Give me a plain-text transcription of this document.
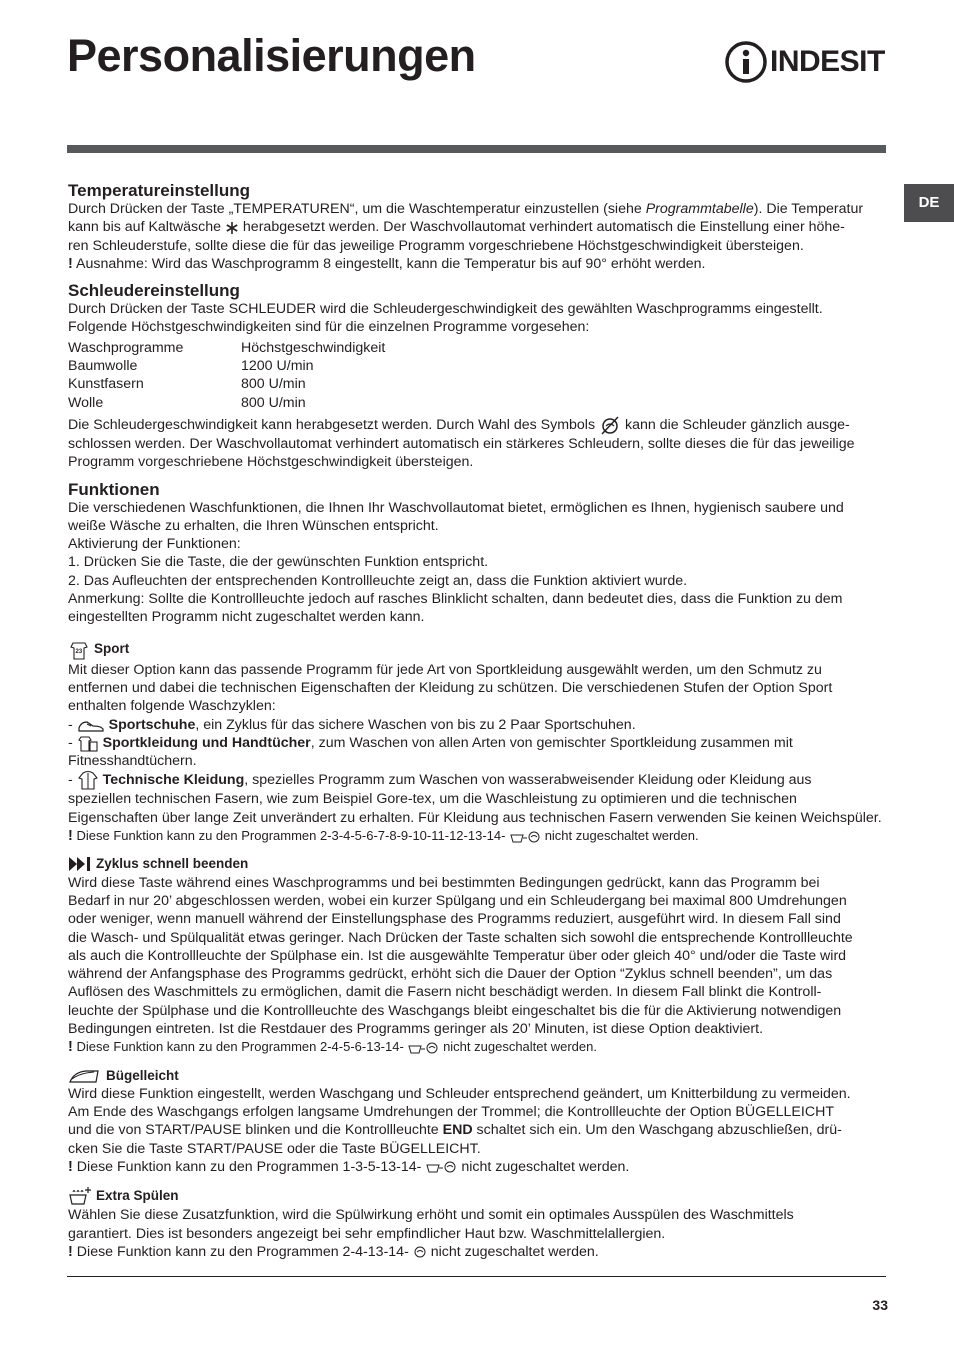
Personalisierungen	INDESIT
DE
Temperatureinstellung

Durch Drücken der Taste „TEMPERATUREN“, um die Waschtemperatur einzustellen (siehe Programmtabelle). Die Temperatur

kann bis auf Kaltwäsche herabgesetzt werden. Der Waschvollautomat verhindert automatisch die Einstellung einer höhe-

ren Schleuderstufe, sollte diese die für das jeweilige Programm vorgeschriebene Höchstgeschwindigkeit übersteigen.

! Ausnahme: Wird das Waschprogramm 8 eingestellt, kann die Temperatur bis auf 90° erhöht werden.

Schleudereinstellung

Durch Drücken der Taste SCHLEUDER wird die Schleudergeschwindigkeit des gewählten Waschprogramms eingestellt.

Folgende Höchstgeschwindigkeiten sind für die einzelnen Programme vorgesehen:

Waschprogramme	Höchstgeschwindigkeit
Baumwolle	1200 U/min
Kunstfasern	800 U/min
Wolle	800 U/min

Die Schleudergeschwindigkeit kann herabgesetzt werden. Durch Wahl des Symbols kann die Schleuder gänzlich ausge-

schlossen werden. Der Waschvollautomat verhindert automatisch ein stärkeres Schleudern, sollte dieses die für das jeweilige

Programm vorgeschriebene Höchstgeschwindigkeit übersteigen.

Funktionen

Die verschiedenen Waschfunktionen, die Ihnen Ihr Waschvollautomat bietet, ermöglichen es Ihnen, hygienisch saubere und

weiße Wäsche zu erhalten, die Ihren Wünschen entspricht.

Aktivierung der Funktionen:

1. Drücken Sie die Taste, die der gewünschten Funktion entspricht.

2. Das Aufleuchten der entsprechenden Kontrollleuchte zeigt an, dass die Funktion aktiviert wurde.

Anmerkung: Sollte die Kontrollleuchte jedoch auf rasches Blinklicht schalten, dann bedeutet dies, dass die Funktion zu dem

eingestellten Programm nicht zugeschaltet werden kann.

23 Sport

Mit dieser Option kann das passende Programm für jede Art von Sportkleidung ausgewählt werden, um den Schmutz zu

entfernen und dabei die technischen Eigenschaften der Kleidung zu schützen. Die verschiedenen Stufen der Option Sport

enthalten folgende Waschzyklen:

-  Sportschuhe, ein Zyklus für das sichere Waschen von bis zu 2 Paar Sportschuhen.

-  Sportkleidung und Handtücher, zum Waschen von allen Arten von gemischter Sportkleidung zusammen mit

Fitnesshandtüchern.

-  Technische Kleidung, spezielles Programm zum Waschen von wasserabweisender Kleidung oder Kleidung aus

speziellen technischen Fasern, wie zum Beispiel Gore-tex, um die Waschleistung zu optimieren und die technischen

Eigenschaften über lange Zeit unverändert zu erhalten. Für Kleidung aus technischen Fasern verwenden Sie keinen Weichspüler.

! Diese Funktion kann zu den Programmen 2-3-4-5-6-7-8-9-10-11-12-13-14-	nicht zugeschaltet werden.

Zyklus schnell beenden

Wird diese Taste während eines Waschprogramms und bei bestimmten Bedingungen gedrückt, kann das Programm bei

Bedarf in nur 20’ abgeschlossen werden, wobei ein kurzer Spülgang und ein Schleudergang bei maximal 800 Umdrehungen

oder weniger, wenn manuell während der Einstellungsphase des Programms reduziert, ausgeführt wird. In diesem Fall sind

die Wasch- und Spülqualität etwas geringer. Nach Drücken der Taste schalten sich sowohl die entsprechende Kontrollleuchte

als auch die Kontrollleuchte der Spülphase ein. Ist die ausgewählte Temperatur über oder gleich 40° und/oder die Taste wird

während der Anfangsphase des Programms gedrückt, erhöht sich die Dauer der Option “Zyklus schnell beenden”, um das

Auflösen des Waschmittels zu ermöglichen, damit die Fasern nicht beschädigt werden. In diesem Fall blinkt die Kontroll-

leuchte der Spülphase und die Kontrollleuchte des Waschgangs bleibt eingeschaltet bis die für die Aktivierung notwendigen

Bedingungen eintreten. Ist die Restdauer des Programms geringer als 20’ Minuten, ist diese Option deaktiviert.

! Diese Funktion kann zu den Programmen 2-4-5-6-13-14-	nicht zugeschaltet werden.

Bügelleicht

Wird diese Funktion eingestellt, werden Waschgang und Schleuder entsprechend geändert, um Knitterbildung zu vermeiden.

Am Ende des Waschgangs erfolgen langsame Umdrehungen der Trommel; die Kontrollleuchte der Option BÜGELLEICHT

und die von START/PAUSE blinken und die Kontrollleuchte END schaltet sich ein. Um den Waschgang abzuschließen, drü-

cken Sie die Taste START/PAUSE oder die Taste BÜGELLEICHT.

! Diese Funktion kann zu den Programmen 1-3-5-13-14-	nicht zugeschaltet werden.

Extra Spülen

Wählen Sie diese Zusatzfunktion, wird die Spülwirkung erhöht und somit ein optimales Ausspülen des Waschmittels

garantiert. Dies ist besonders angezeigt bei sehr empfindlicher Haut bzw. Waschmittelallergien.

! Diese Funktion kann zu den Programmen 2-4-13-14- nicht zugeschaltet werden.

33
